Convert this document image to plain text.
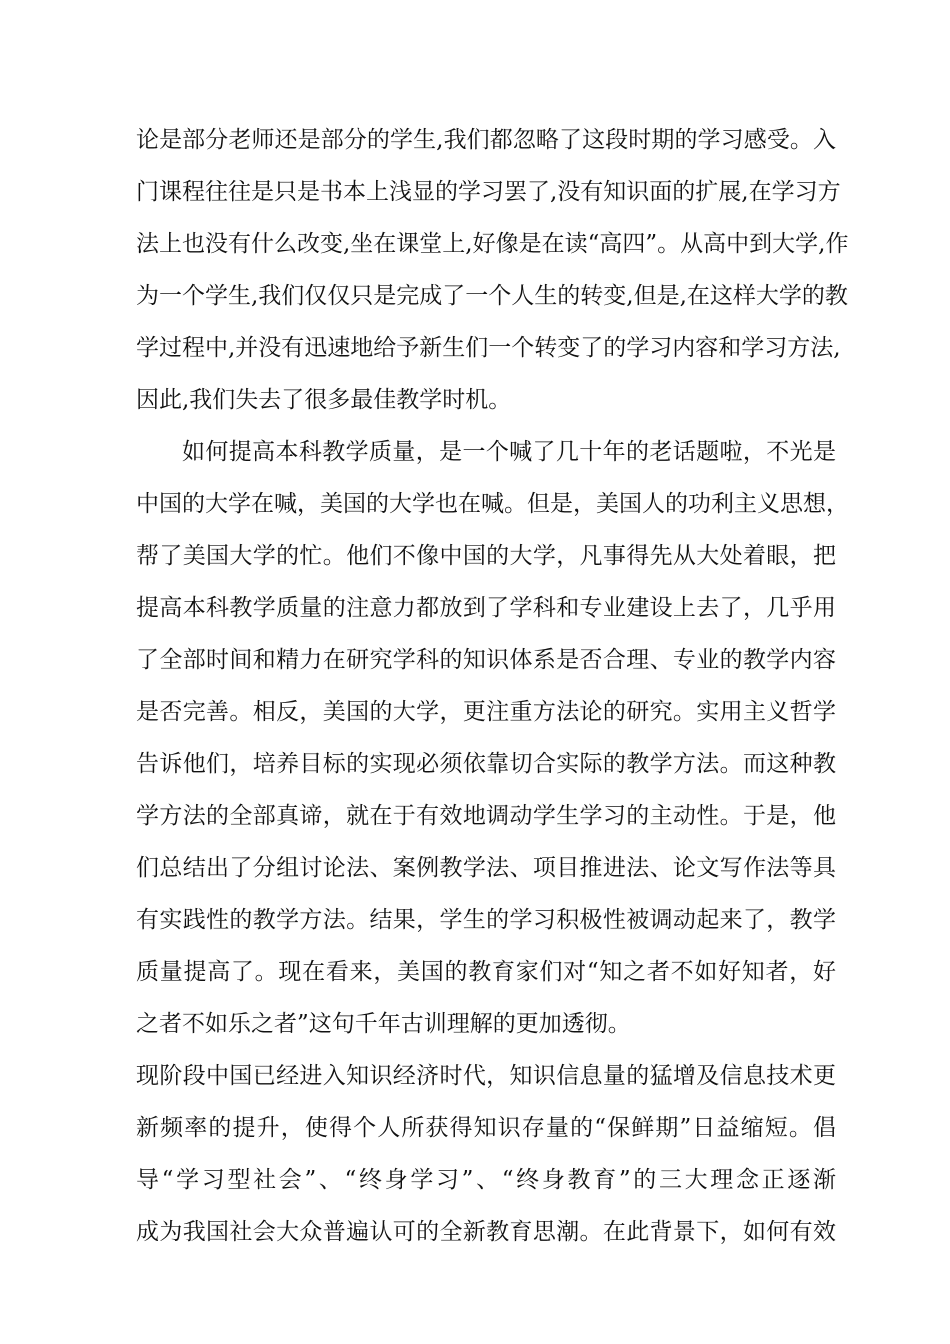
论是部分老师还是部分的学生,我们都忽略了这段时期的学习感受。入
门课程往往是只是书本上浅显的学习罢了,没有知识面的扩展,在学习方
法上也没有什么改变,坐在课堂上,好像是在读“高四”。从高中到大学,作
为一个学生,我们仅仅只是完成了一个人生的转变,但是,在这样大学的教
学过程中,并没有迅速地给予新生们一个转变了的学习内容和学习方法,
因此,我们失去了很多最佳教学时机。
如何提高本科教学质量，是一个喊了几十年的老话题啦，不光是
中国的大学在喊，美国的大学也在喊。但是，美国人的功利主义思想，
帮了美国大学的忙。他们不像中国的大学，凡事得先从大处着眼，把
提高本科教学质量的注意力都放到了学科和专业建设上去了，几乎用
了全部时间和精力在研究学科的知识体系是否合理、专业的教学内容
是否完善。相反，美国的大学，更注重方法论的研究。实用主义哲学
告诉他们，培养目标的实现必须依靠切合实际的教学方法。而这种教
学方法的全部真谛，就在于有效地调动学生学习的主动性。于是，他
们总结出了分组讨论法、案例教学法、项目推进法、论文写作法等具
有实践性的教学方法。结果，学生的学习积极性被调动起来了，教学
质量提高了。现在看来，美国的教育家们对“知之者不如好知者，好
之者不如乐之者”这句千年古训理解的更加透彻。
现阶段中国已经进入知识经济时代，知识信息量的猛增及信息技术更
新频率的提升，使得个人所获得知识存量的“保鲜期”日益缩短。倡
导“学习型社会”、“终身学习”、“终身教育”的三大理念正逐渐
成为我国社会大众普遍认可的全新教育思潮。在此背景下，如何有效
